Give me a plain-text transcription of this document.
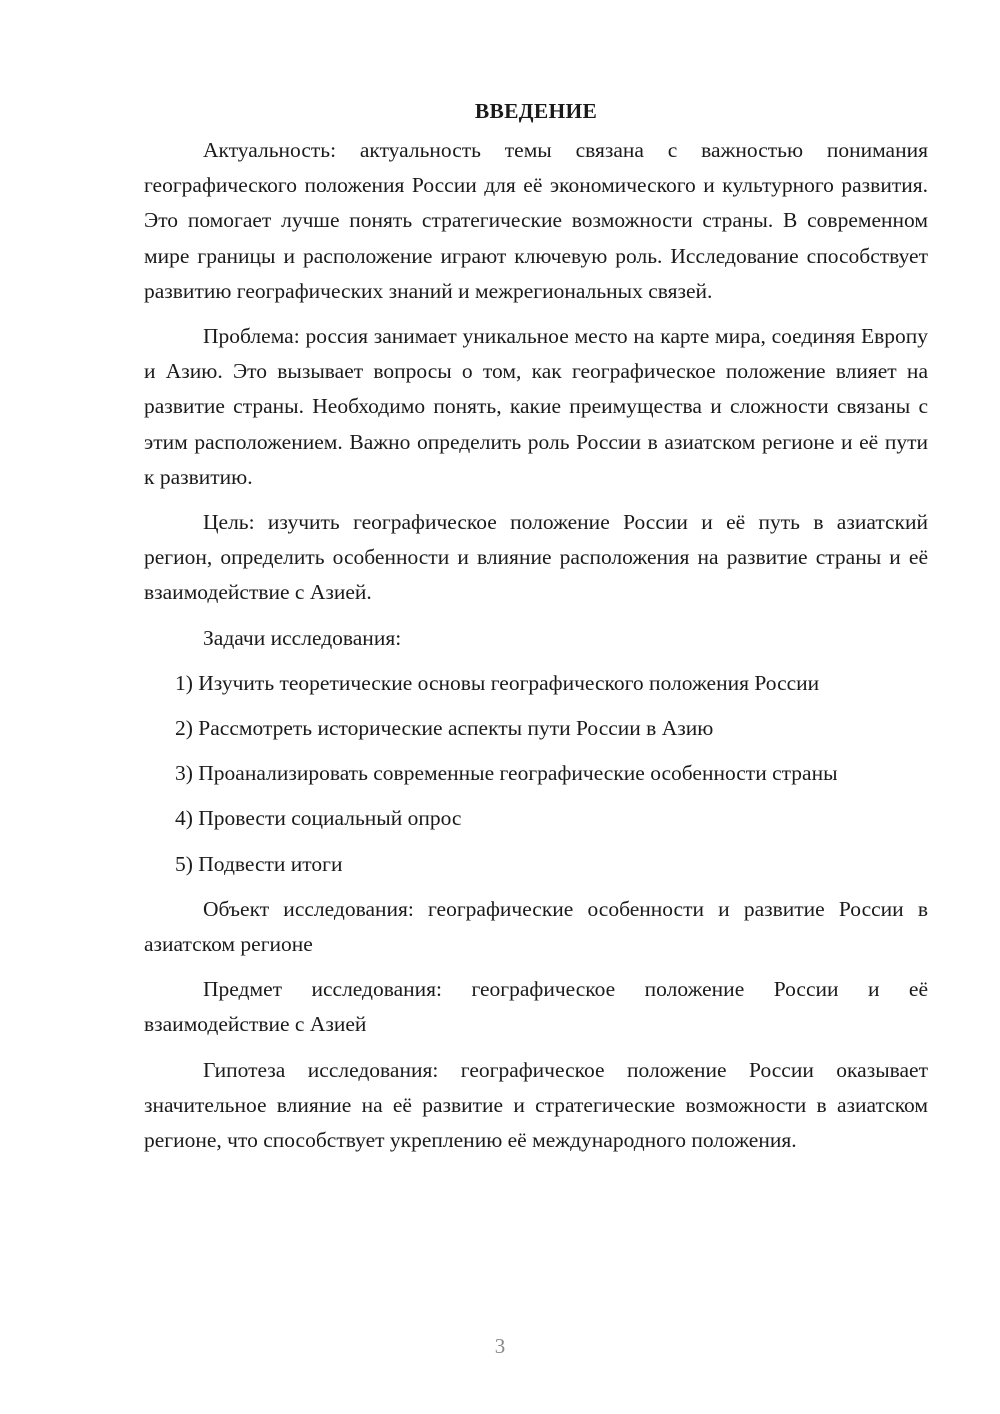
ВВЕДЕНИЕ

Актуальность: актуальность темы связана с важностью понимания географического положения России для её экономического и культурного развития. Это помогает лучше понять стратегические возможности страны. В современном мире границы и расположение играют ключевую роль. Исследование способствует развитию географических знаний и межрегиональных связей.

Проблема: россия занимает уникальное место на карте мира, соединяя Европу и Азию. Это вызывает вопросы о том, как географическое положение влияет на развитие страны. Необходимо понять, какие преимущества и сложности связаны с этим расположением. Важно определить роль России в азиатском регионе и её пути к развитию.

Цель: изучить географическое положение России и её путь в азиатский регион, определить особенности и влияние расположения на развитие страны и её взаимодействие с Азией.

Задачи исследования:

1) Изучить теоретические основы географического положения России

2) Рассмотреть исторические аспекты пути России в Азию

3) Проанализировать современные географические особенности страны

4) Провести социальный опрос

5) Подвести итоги

Объект исследования: географические особенности и развитие России в азиатском регионе

Предмет исследования: географическое положение России и её взаимодействие с Азией

Гипотеза исследования: географическое положение России оказывает значительное влияние на её развитие и стратегические возможности в азиатском регионе, что способствует укреплению её международного положения.

3
